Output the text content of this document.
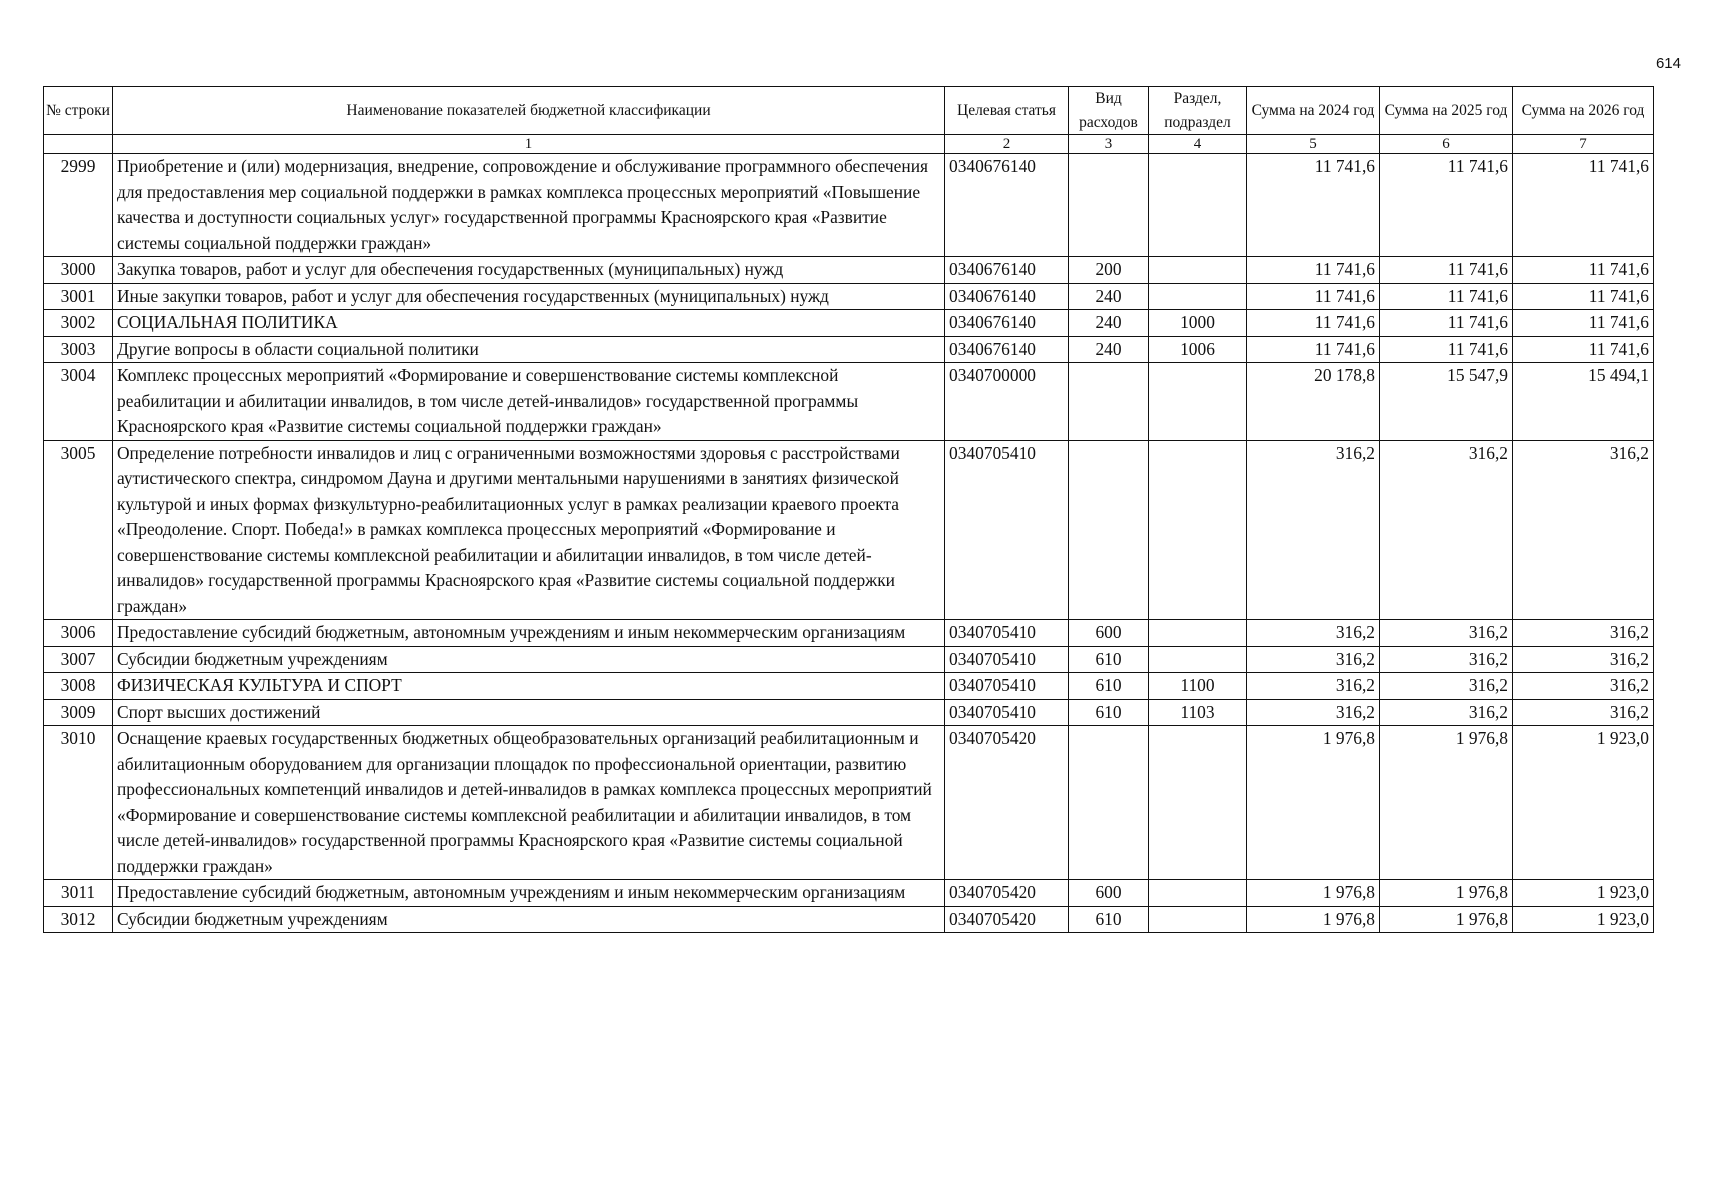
614
№ строки	Наименование показателей бюджетной классификации	Целевая статья	Вид расходов	Раздел, подраздел	Сумма на 2024 год	Сумма на 2025 год	Сумма на 2026 год
	1	2	3	4	5	6	7
2999	Приобретение и (или) модернизация, внедрение, сопровождение и обслуживание программного обеспечения для предоставления мер социальной поддержки в рамках комплекса процессных мероприятий «Повышение качества и доступности социальных услуг» государственной программы Красноярского края «Развитие системы социальной поддержки граждан»	0340676140			11 741,6	11 741,6	11 741,6
3000	Закупка товаров, работ и услуг для обеспечения государственных (муниципальных) нужд	0340676140	200		11 741,6	11 741,6	11 741,6
3001	Иные закупки товаров, работ и услуг для обеспечения государственных (муниципальных) нужд	0340676140	240		11 741,6	11 741,6	11 741,6
3002	СОЦИАЛЬНАЯ ПОЛИТИКА	0340676140	240	1000	11 741,6	11 741,6	11 741,6
3003	Другие вопросы в области социальной политики	0340676140	240	1006	11 741,6	11 741,6	11 741,6
3004	Комплекс процессных мероприятий «Формирование и совершенствование системы комплексной реабилитации и абилитации инвалидов, в том числе детей-инвалидов» государственной программы Красноярского края «Развитие системы социальной поддержки граждан»	0340700000			20 178,8	15 547,9	15 494,1
3005	Определение потребности инвалидов и лиц с ограниченными возможностями здоровья с расстройствами аутистического спектра, синдромом Дауна и другими ментальными нарушениями в занятиях физической культурой и иных формах физкультурно-реабилитационных услуг в рамках реализации краевого проекта «Преодоление. Спорт. Победа!» в рамках комплекса процессных мероприятий «Формирование и совершенствование системы комплексной реабилитации и абилитации инвалидов, в том числе детей-инвалидов» государственной программы Красноярского края «Развитие системы социальной поддержки граждан»	0340705410			316,2	316,2	316,2
3006	Предоставление субсидий бюджетным, автономным учреждениям и иным некоммерческим организациям	0340705410	600		316,2	316,2	316,2
3007	Субсидии бюджетным учреждениям	0340705410	610		316,2	316,2	316,2
3008	ФИЗИЧЕСКАЯ КУЛЬТУРА И СПОРТ	0340705410	610	1100	316,2	316,2	316,2
3009	Спорт высших достижений	0340705410	610	1103	316,2	316,2	316,2
3010	Оснащение краевых государственных бюджетных общеобразовательных организаций реабилитационным и абилитационным оборудованием для организации площадок по профессиональной ориентации, развитию профессиональных компетенций инвалидов и детей-инвалидов в рамках комплекса процессных мероприятий «Формирование и совершенствование системы комплексной реабилитации и абилитации инвалидов, в том числе детей-инвалидов» государственной программы Красноярского края «Развитие системы социальной поддержки граждан»	0340705420			1 976,8	1 976,8	1 923,0
3011	Предоставление субсидий бюджетным, автономным учреждениям и иным некоммерческим организациям	0340705420	600		1 976,8	1 976,8	1 923,0
3012	Субсидии бюджетным учреждениям	0340705420	610		1 976,8	1 976,8	1 923,0
